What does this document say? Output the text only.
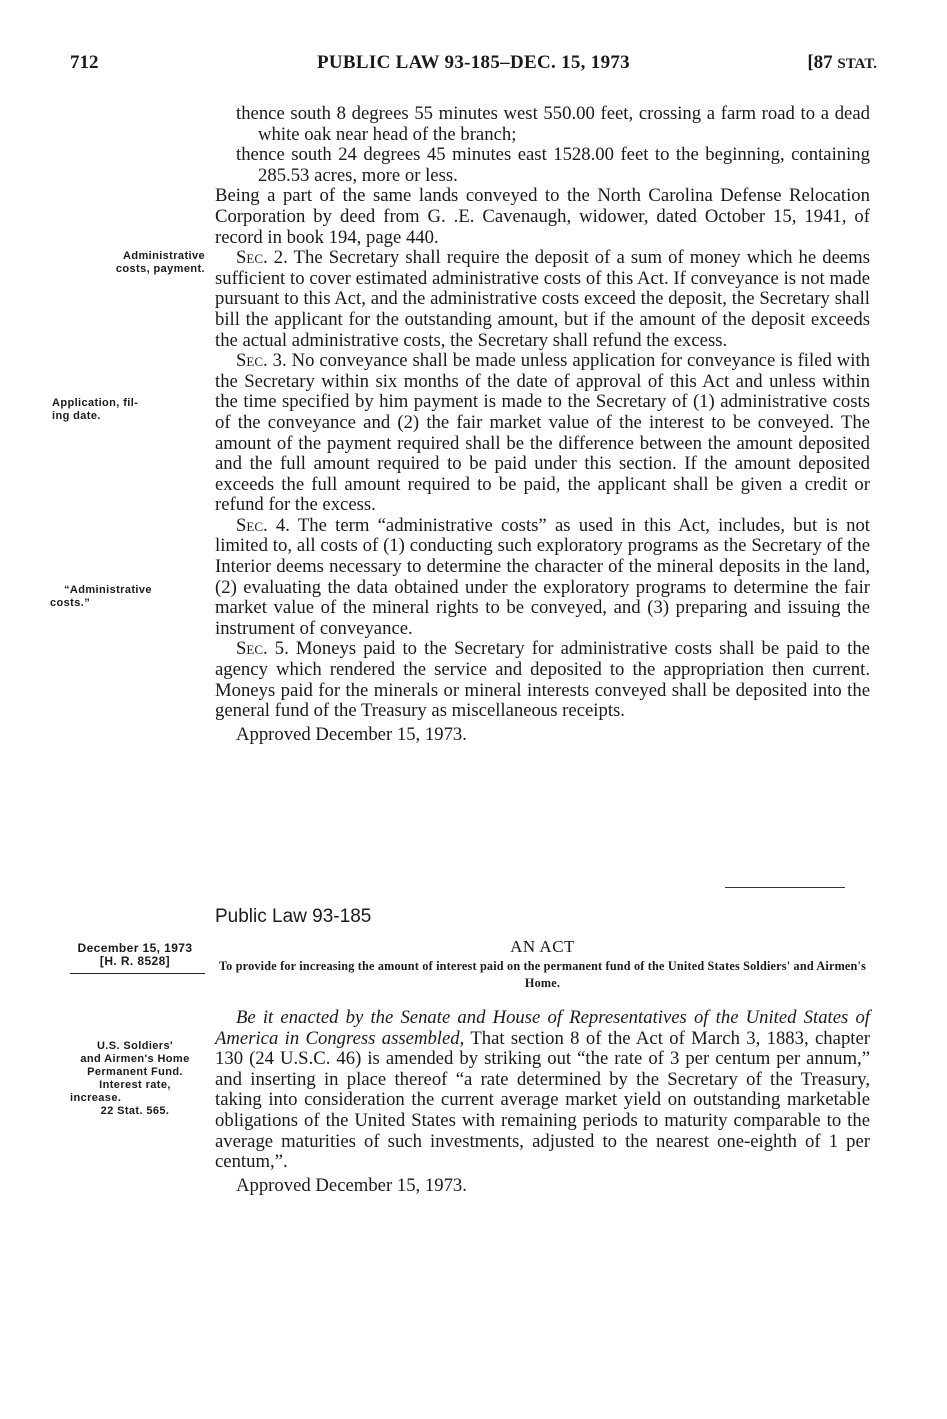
712	PUBLIC LAW 93-185–DEC. 15, 1973	[87 STAT.
Administrative
costs, payment.
Application, fil-
ing date.
“Administrative
costs.”
December 15, 1973
[H. R. 8528]
U.S. Soldiers'
and Airmen's Home
Permanent Fund.
Interest rate,
increase.
22 Stat. 565.

thence south 8 degrees 55 minutes west 550.00 feet, crossing a farm road to a dead white oak near head of the branch;

thence south 24 degrees 45 minutes east 1528.00 feet to the beginning, containing 285.53 acres, more or less.

Being a part of the same lands conveyed to the North Carolina Defense Relocation Corporation by deed from G. .E. Cavenaugh, widower, dated October 15, 1941, of record in book 194, page 440.

Sec. 2. The Secretary shall require the deposit of a sum of money which he deems sufficient to cover estimated administrative costs of this Act. If conveyance is not made pursuant to this Act, and the administrative costs exceed the deposit, the Secretary shall bill the applicant for the outstanding amount, but if the amount of the deposit exceeds the actual administrative costs, the Secretary shall refund the excess.

Sec. 3. No conveyance shall be made unless application for conveyance is filed with the Secretary within six months of the date of approval of this Act and unless within the time specified by him payment is made to the Secretary of (1) administrative costs of the conveyance and (2) the fair market value of the interest to be conveyed. The amount of the payment required shall be the difference between the amount deposited and the full amount required to be paid under this section. If the amount deposited exceeds the full amount required to be paid, the applicant shall be given a credit or refund for the excess.

Sec. 4. The term “administrative costs” as used in this Act, includes, but is not limited to, all costs of (1) conducting such exploratory programs as the Secretary of the Interior deems necessary to determine the character of the mineral deposits in the land, (2) evaluating the data obtained under the exploratory programs to determine the fair market value of the mineral rights to be conveyed, and (3) preparing and issuing the instrument of conveyance.

Sec. 5. Moneys paid to the Secretary for administrative costs shall be paid to the agency which rendered the service and deposited to the appropriation then current. Moneys paid for the minerals or mineral interests conveyed shall be deposited into the general fund of the Treasury as miscellaneous receipts.

Approved December 15, 1973.

Public Law 93-185
AN ACT
To provide for increasing the amount of interest paid on the permanent fund of the United States Soldiers' and Airmen's Home.

Be it enacted by the Senate and House of Representatives of the United States of America in Congress assembled, That section 8 of the Act of March 3, 1883, chapter 130 (24 U.S.C. 46) is amended by striking out “the rate of 3 per centum per annum,” and inserting in place thereof “a rate determined by the Secretary of the Treasury, taking into consideration the current average market yield on outstanding marketable obligations of the United States with remaining periods to maturity comparable to the average maturities of such investments, adjusted to the nearest one-eighth of 1 per centum,”.

Approved December 15, 1973.
